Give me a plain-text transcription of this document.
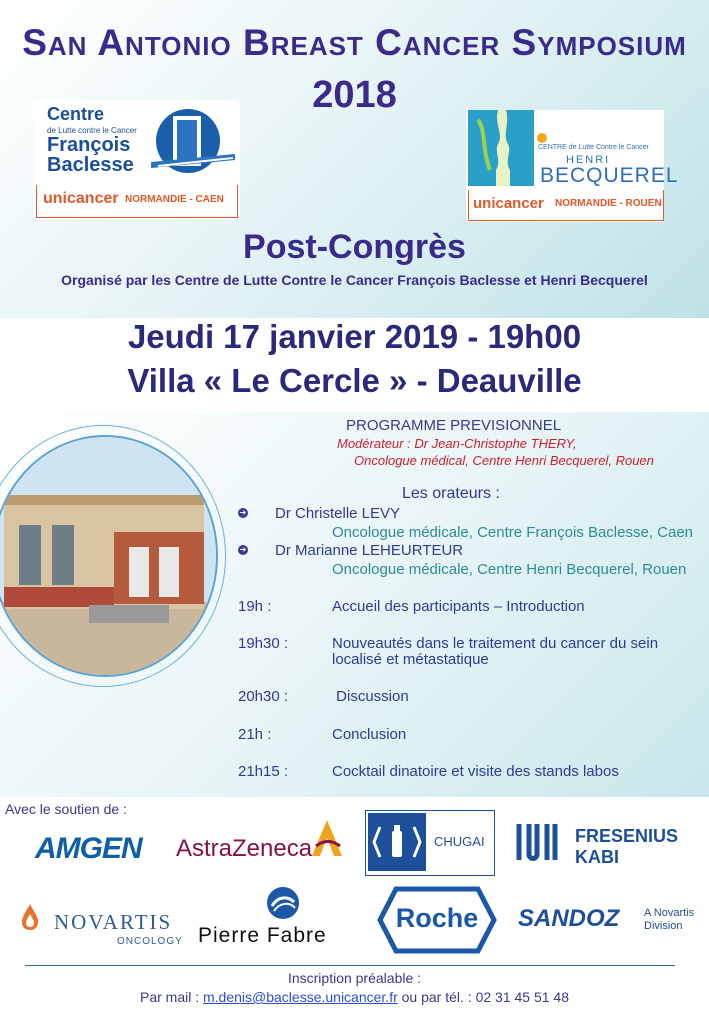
San Antonio Breast Cancer Symposium
2018
Centre
de Lutte contre le Cancer
François
Baclesse
unicancer NORMANDIE - CAEN
CENTRE de Lutte Contre le Cancer
HENRI
BECQUEREL
unicancer NORMANDIE - ROUEN
Post-Congrès
Organisé par les Centre de Lutte Contre le Cancer François Baclesse et Henri Becquerel
Jeudi 17 janvier 2019 - 19h00
Villa « Le Cercle » - Deauville
PROGRAMME PREVISIONNEL
Modérateur : Dr Jean-Christophe THERY,
Oncologue médical, Centre Henri Becquerel, Rouen
Les orateurs :
➔ Dr Christelle LEVY
Oncologue médicale, Centre François Baclesse, Caen
➔ Dr Marianne LEHEURTEUR
Oncologue médicale, Centre Henri Becquerel, Rouen
19h :	Accueil des participants – Introduction
19h30 :	Nouveautés dans le traitement du cancer du sein
localisé et métastatique
20h30 :	Discussion
21h :	Conclusion
21h15 :	Cocktail dinatoire et visite des stands labos
Avec le soutien de :
AMGEN AstraZeneca	CHUGAI	FRESENIUS
KABI
NOVARTIS
ONCOLOGY Pierre Fabre
Roche	SANDOZ A Novartis
Division
Inscription préalable :
Par mail : m.denis@baclesse.unicancer.fr ou par tél. : 02 31 45 51 48
